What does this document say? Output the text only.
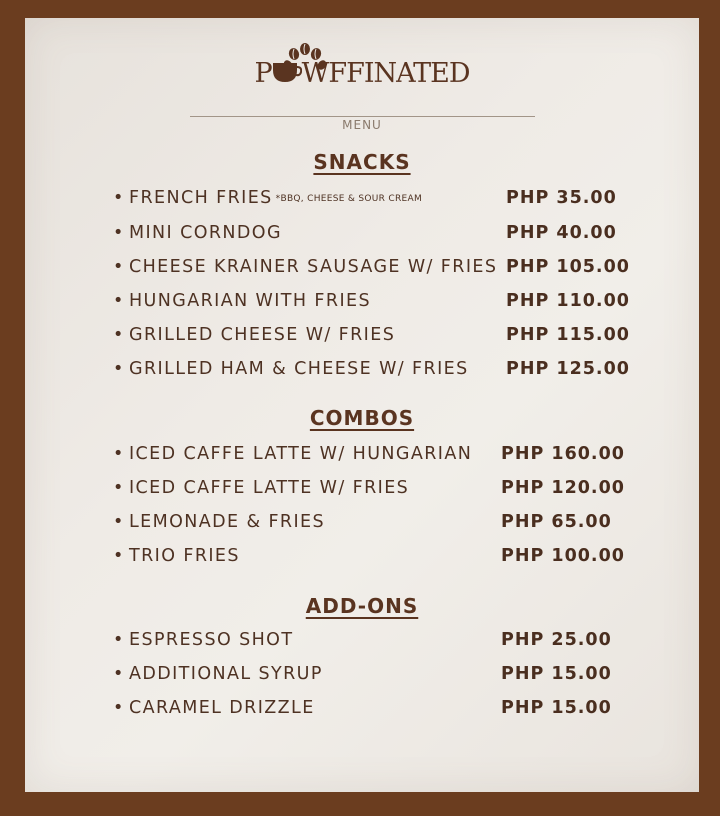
P WFFINATED
MENU
SNACKS
• FRENCH FRIES *BBQ, CHEESE & SOUR CREAM	PHP 35.00
• MINI CORNDOG	PHP 40.00
• CHEESE KRAINER SAUSAGE W/ FRIES PHP 105.00
• HUNGARIAN WITH FRIES	PHP 110.00
• GRILLED CHEESE W/ FRIES	PHP 115.00
• GRILLED HAM & CHEESE W/ FRIES PHP 125.00
COMBOS
• ICED CAFFE LATTE W/ HUNGARIAN PHP 160.00
• ICED CAFFE LATTE W/ FRIES	PHP 120.00
• LEMONADE & FRIES	PHP 65.00
• TRIO FRIES	PHP 100.00
ADD-ONS
• ESPRESSO SHOT	PHP 25.00
• ADDITIONAL SYRUP	PHP 15.00
• CARAMEL DRIZZLE	PHP 15.00
